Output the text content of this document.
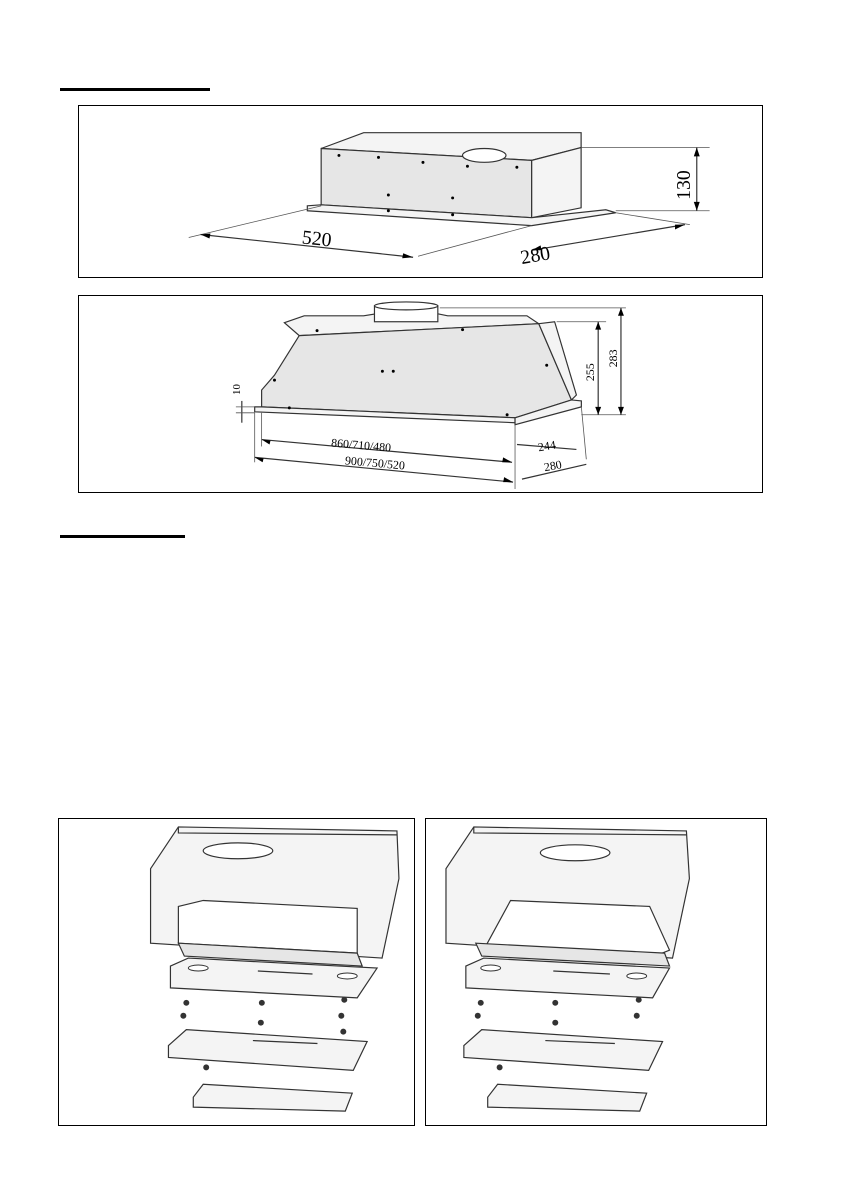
520
280
130
10
860/710/480
900/750/520
244
280
255
283
